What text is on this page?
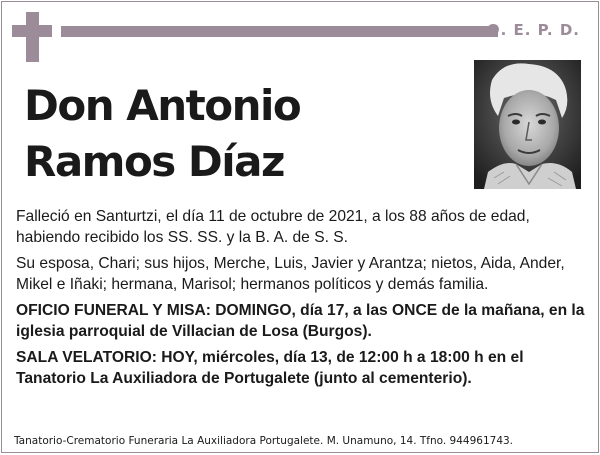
Q. E. P. D.
Don Antonio
Ramos Díaz

Falleció en Santurtzi, el día 11 de octubre de 2021, a los 88 años de edad, habiendo recibido los SS. SS. y la B. A. de S. S.

Su esposa, Chari; sus hijos, Merche, Luis, Javier y Arantza; nietos, Aida, Ander, Mikel e Iñaki; hermana, Marisol; hermanos políticos y demás familia.

OFICIO FUNERAL Y MISA: DOMINGO, día 17, a las ONCE de la mañana, en la iglesia parroquial de Villacian de Losa (Burgos).

SALA VELATORIO: HOY, miércoles, día 13, de 12:00 h a 18:00 h en el Tanatorio La Auxiliadora de Portugalete (junto al cementerio).

Tanatorio-Crematorio Funeraria La Auxiliadora Portugalete. M. Unamuno, 14. Tfno. 944961743.
